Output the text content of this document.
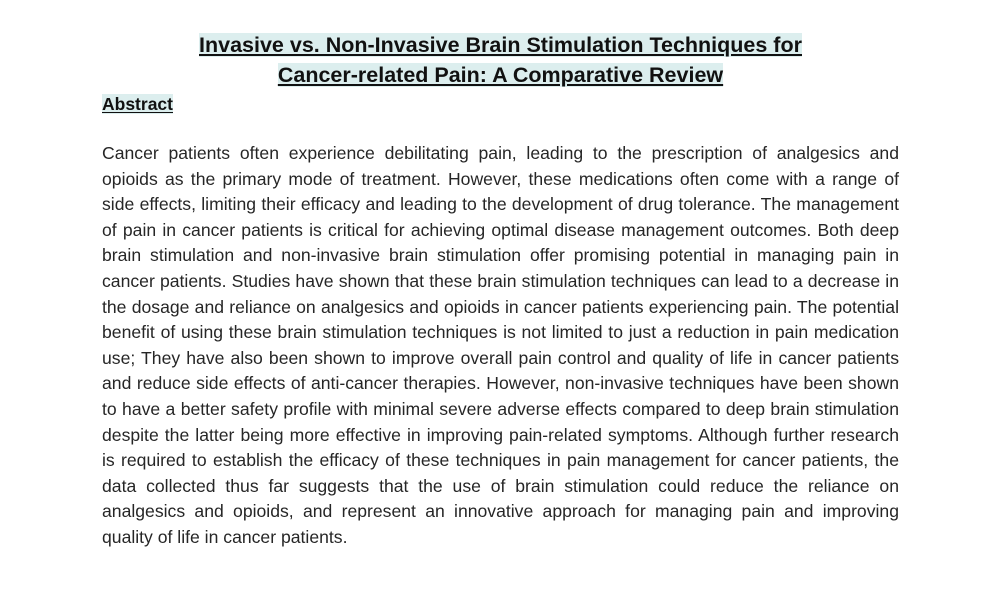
Invasive vs. Non-Invasive Brain Stimulation Techniques for
Cancer-related Pain: A Comparative Review
Abstract

Cancer patients often experience debilitating pain, leading to the prescription of analgesics and opioids as the primary mode of treatment. However, these medications often come with a range of side effects, limiting their efficacy and leading to the development of drug tolerance. The management of pain in cancer patients is critical for achieving optimal disease management outcomes. Both deep brain stimulation and non-invasive brain stimulation offer promising potential in managing pain in cancer patients. Studies have shown that these brain stimulation techniques can lead to a decrease in the dosage and reliance on analgesics and opioids in cancer patients experiencing pain. The potential benefit of using these brain stimulation techniques is not limited to just a reduction in pain medication use; They have also been shown to improve overall pain control and quality of life in cancer patients and reduce side effects of anti-cancer therapies. However, non-invasive techniques have been shown to have a better safety profile with minimal severe adverse effects compared to deep brain stimulation despite the latter being more effective in improving pain-related symptoms. Although further research is required to establish the efficacy of these techniques in pain management for cancer patients, the data collected thus far suggests that the use of brain stimulation could reduce the reliance on analgesics and opioids, and represent an innovative approach for managing pain and improving quality of life in cancer patients.
